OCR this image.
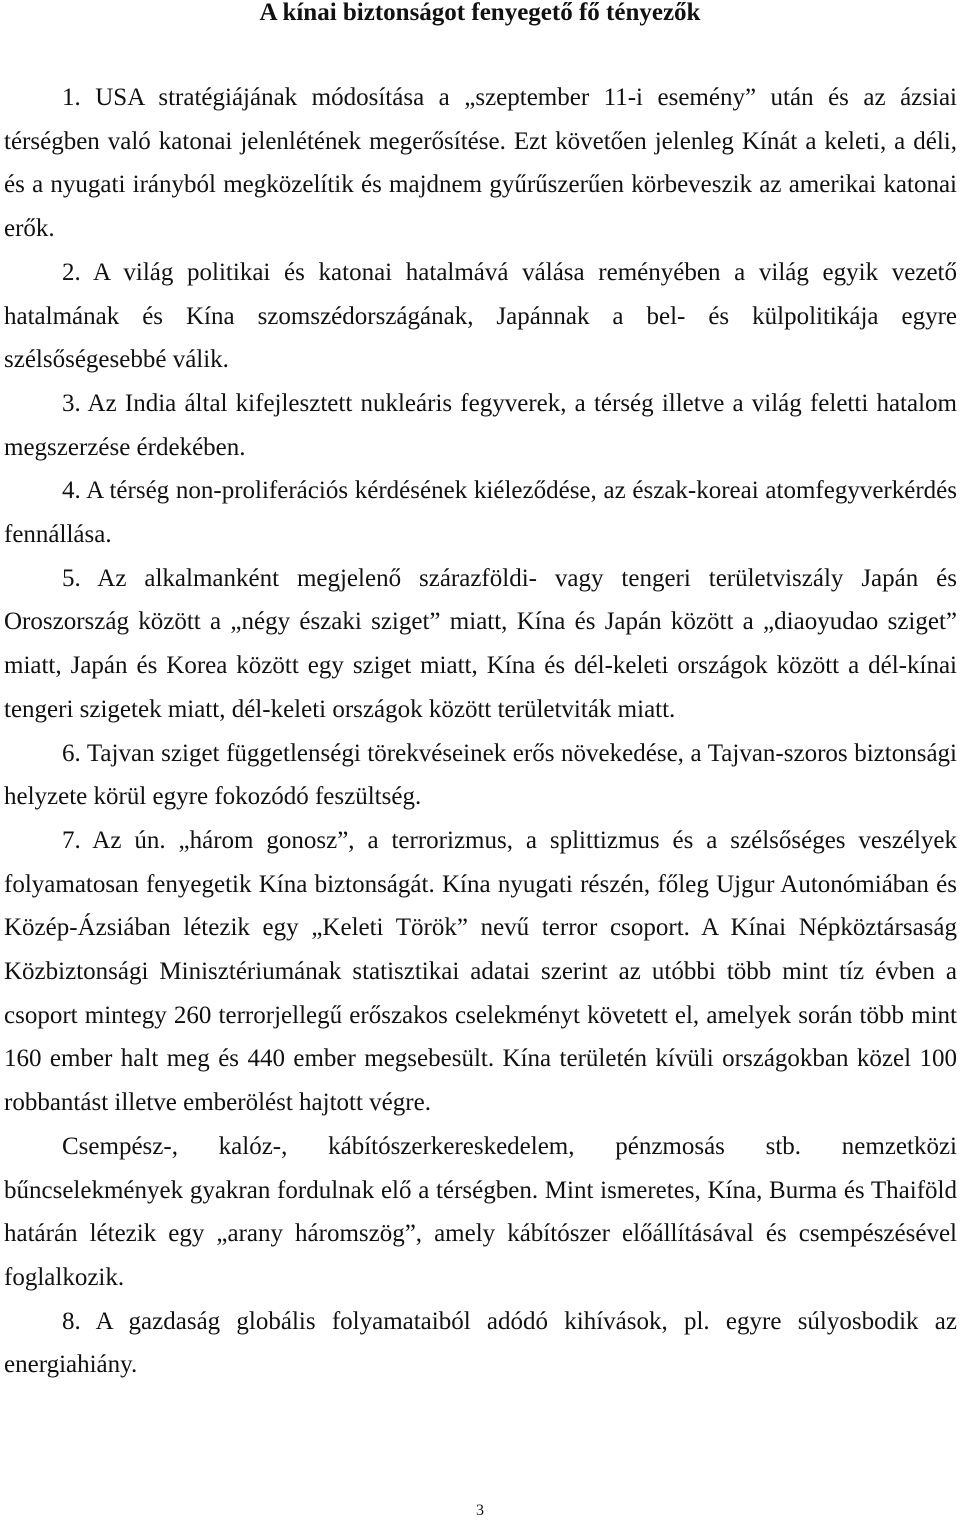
A kínai biztonságot fenyegető fő tényezők

1. USA stratégiájának módosítása a „szeptember 11-i esemény” után és az ázsiai térségben való katonai jelenlétének megerősítése. Ezt követően jelenleg Kínát a keleti, a déli, és a nyugati irányból megközelítik és majdnem gyűrűszerűen körbeveszik az amerikai katonai erők.

2. A világ politikai és katonai hatalmává válása reményében a világ egyik vezető hatalmának és Kína szomszédországának, Japánnak a bel- és külpolitikája egyre szélsőségesebbé válik.

3. Az India által kifejlesztett nukleáris fegyverek, a térség illetve a világ feletti hatalom megszerzése érdekében.

4. A térség non-proliferációs kérdésének kiéleződése, az észak-koreai atomfegyverkérdés fennállása.

5. Az alkalmanként megjelenő szárazföldi- vagy tengeri területviszály Japán és Oroszország között a „négy északi sziget” miatt, Kína és Japán között a „diaoyudao sziget” miatt, Japán és Korea között egy sziget miatt, Kína és dél-keleti országok között a dél-kínai tengeri szigetek miatt, dél-keleti országok között területviták miatt.

6. Tajvan sziget függetlenségi törekvéseinek erős növekedése, a Tajvan-szoros biztonsági helyzete körül egyre fokozódó feszültség.

7. Az ún. „három gonosz”, a terrorizmus, a splittizmus és a szélsőséges veszélyek folyamatosan fenyegetik Kína biztonságát. Kína nyugati részén, főleg Ujgur Autonómiában és Közép-Ázsiában létezik egy „Keleti Török” nevű terror csoport. A Kínai Népköztársaság Közbiztonsági Minisztériumának statisztikai adatai szerint az utóbbi több mint tíz évben a csoport mintegy 260 terrorjellegű erőszakos cselekményt követett el, amelyek során több mint 160 ember halt meg és 440 ember megsebesült. Kína területén kívüli országokban közel 100 robbantást illetve emberölést hajtott végre.

Csempész-, kalóz-, kábítószerkereskedelem, pénzmosás stb. nemzetközi bűncselekmények gyakran fordulnak elő a térségben. Mint ismeretes, Kína, Burma és Thaiföld határán létezik egy „arany háromszög”, amely kábítószer előállításával és csempészésével foglalkozik.

8. A gazdaság globális folyamataiból adódó kihívások, pl. egyre súlyosbodik az energiahiány.

3
